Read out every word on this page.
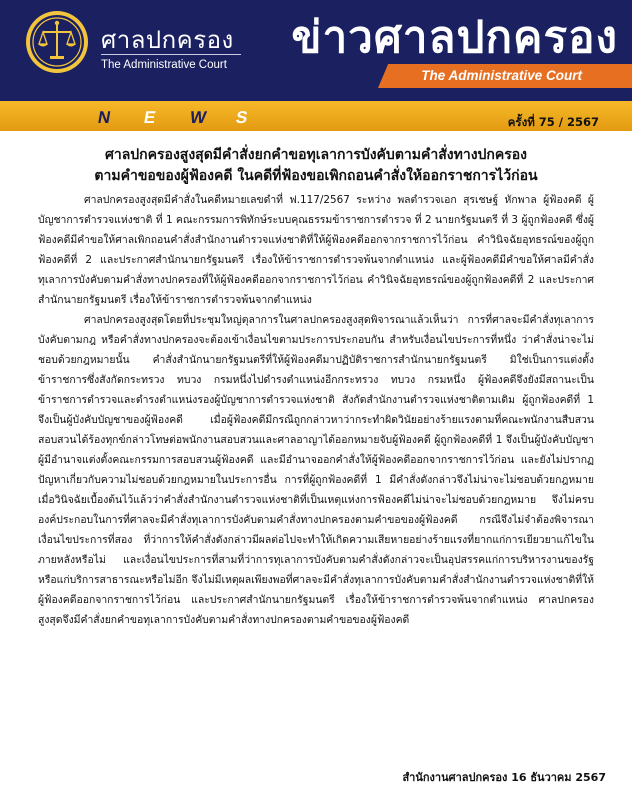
ศาลปกครอง
The Administrative Court
ข่าวศาลปกครอง
The Administrative Court
N E W S	ครั้งที่ 75 / 2567
ศาลปกครองสูงสุดมีคำสั่งยกคำขอทุเลาการบังคับตามคำสั่งทางปกครอง
ตามคำขอของผู้ฟ้องคดี ในคดีที่ฟ้องขอเพิกถอนคำสั่งให้ออกราชการไว้ก่อน

ศาลปกครองสูงสุดมีคำสั่งในคดีหมายเลขดำที่ ฟ.117/2567 ระหว่าง พลตำรวจเอก สุรเชษฐ์ หักพาล ผู้ฟ้องคดี ผู้บัญชาการตำรวจแห่งชาติ ที่ 1 คณะกรรมการพิทักษ์ระบบคุณธรรมข้าราชการตำรวจ ที่ 2 นายกรัฐมนตรี ที่ 3 ผู้ถูกฟ้องคดี ซึ่งผู้ฟ้องคดีมีคำขอให้ศาลเพิกถอนคำสั่งสำนักงานตำรวจแห่งชาติที่ให้ผู้ฟ้องคดีออกจากราชการไว้ก่อน คำวินิจฉัยอุทธรณ์ของผู้ถูกฟ้องคดีที่ 2 และประกาศสำนักนายกรัฐมนตรี เรื่องให้ข้าราชการตำรวจพ้นจากตำแหน่ง และผู้ฟ้องคดีมีคำขอให้ศาลมีคำสั่งทุเลาการบังคับตามคำสั่งทางปกครองที่ให้ผู้ฟ้องคดีออกจากราชการไว้ก่อน คำวินิจฉัยอุทธรณ์ของผู้ถูกฟ้องคดีที่ 2 และประกาศสำนักนายกรัฐมนตรี เรื่องให้ข้าราชการตำรวจพ้นจากตำแหน่ง

ศาลปกครองสูงสุดโดยที่ประชุมใหญ่ตุลาการในศาลปกครองสูงสุดพิจารณาแล้วเห็นว่า การที่ศาลจะมีคำสั่งทุเลาการบังคับตามกฎ หรือคำสั่งทางปกครองจะต้องเข้าเงื่อนไขตามประการประกอบกัน สำหรับเงื่อนไขประการที่หนึ่ง ว่าคำสั่งน่าจะไม่ชอบด้วยกฎหมายนั้น คำสั่งสำนักนายกรัฐมนตรีที่ให้ผู้ฟ้องคดีมาปฏิบัติราชการสำนักนายกรัฐมนตรี มิใช่เป็นการแต่งตั้งข้าราชการซึ่งสังกัดกระทรวง ทบวง กรมหนึ่งไปดำรงตำแหน่งอีกกระทรวง ทบวง กรมหนึ่ง ผู้ฟ้องคดีจึงยังมีสถานะเป็นข้าราชการตำรวจและดำรงตำแหน่งรองผู้บัญชาการตำรวจแห่งชาติ สังกัดสำนักงานตำรวจแห่งชาติตามเดิม ผู้ถูกฟ้องคดีที่ 1 จึงเป็นผู้บังคับบัญชาของผู้ฟ้องคดี เมื่อผู้ฟ้องคดีมีกรณีถูกกล่าวหาว่ากระทำผิดวินัยอย่างร้ายแรงตามที่คณะพนักงานสืบสวนสอบสวนได้ร้องทุกข์กล่าวโทษต่อพนักงานสอบสวนและศาลอาญาได้ออกหมายจับผู้ฟ้องคดี ผู้ถูกฟ้องคดีที่ 1 จึงเป็นผู้บังคับบัญชาผู้มีอำนาจแต่งตั้งคณะกรรมการสอบสวนผู้ฟ้องคดี และมีอำนาจออกคำสั่งให้ผู้ฟ้องคดีออกจากราชการไว้ก่อน และยังไม่ปรากฏปัญหาเกี่ยวกับความไม่ชอบด้วยกฎหมายในประการอื่น การที่ผู้ถูกฟ้องคดีที่ 1 มีคำสั่งดังกล่าวจึงไม่น่าจะไม่ชอบด้วยกฎหมาย เมื่อวินิจฉัยเบื้องต้นไว้แล้วว่าคำสั่งสำนักงานตำรวจแห่งชาติที่เป็นเหตุแห่งการฟ้องคดีไม่น่าจะไม่ชอบด้วยกฎหมาย จึงไม่ครบองค์ประกอบในการที่ศาลจะมีคำสั่งทุเลาการบังคับตามคำสั่งทางปกครองตามคำขอของผู้ฟ้องคดี กรณีจึงไม่จำต้องพิจารณาเงื่อนไขประการที่สอง ที่ว่าการให้คำสั่งดังกล่าวมีผลต่อไปจะทำให้เกิดความเสียหายอย่างร้ายแรงที่ยากแก่การเยียวยาแก้ไขในภายหลังหรือไม่ และเงื่อนไขประการที่สามที่ว่าการทุเลาการบังคับตามคำสั่งดังกล่าวจะเป็นอุปสรรคแก่การบริหารงานของรัฐ หรือแก่บริการสาธารณะหรือไม่อีก จึงไม่มีเหตุผลเพียงพอที่ศาลจะมีคำสั่งทุเลาการบังคับตามคำสั่งสำนักงานตำรวจแห่งชาติที่ให้ผู้ฟ้องคดีออกจากราชการไว้ก่อน และประกาศสำนักนายกรัฐมนตรี เรื่องให้ข้าราชการตำรวจพ้นจากตำแหน่ง ศาลปกครองสูงสุดจึงมีคำสั่งยกคำขอทุเลาการบังคับตามคำสั่งทางปกครองตามคำขอของผู้ฟ้องคดี

สำนักงานศาลปกครอง 16 ธันวาคม 2567
